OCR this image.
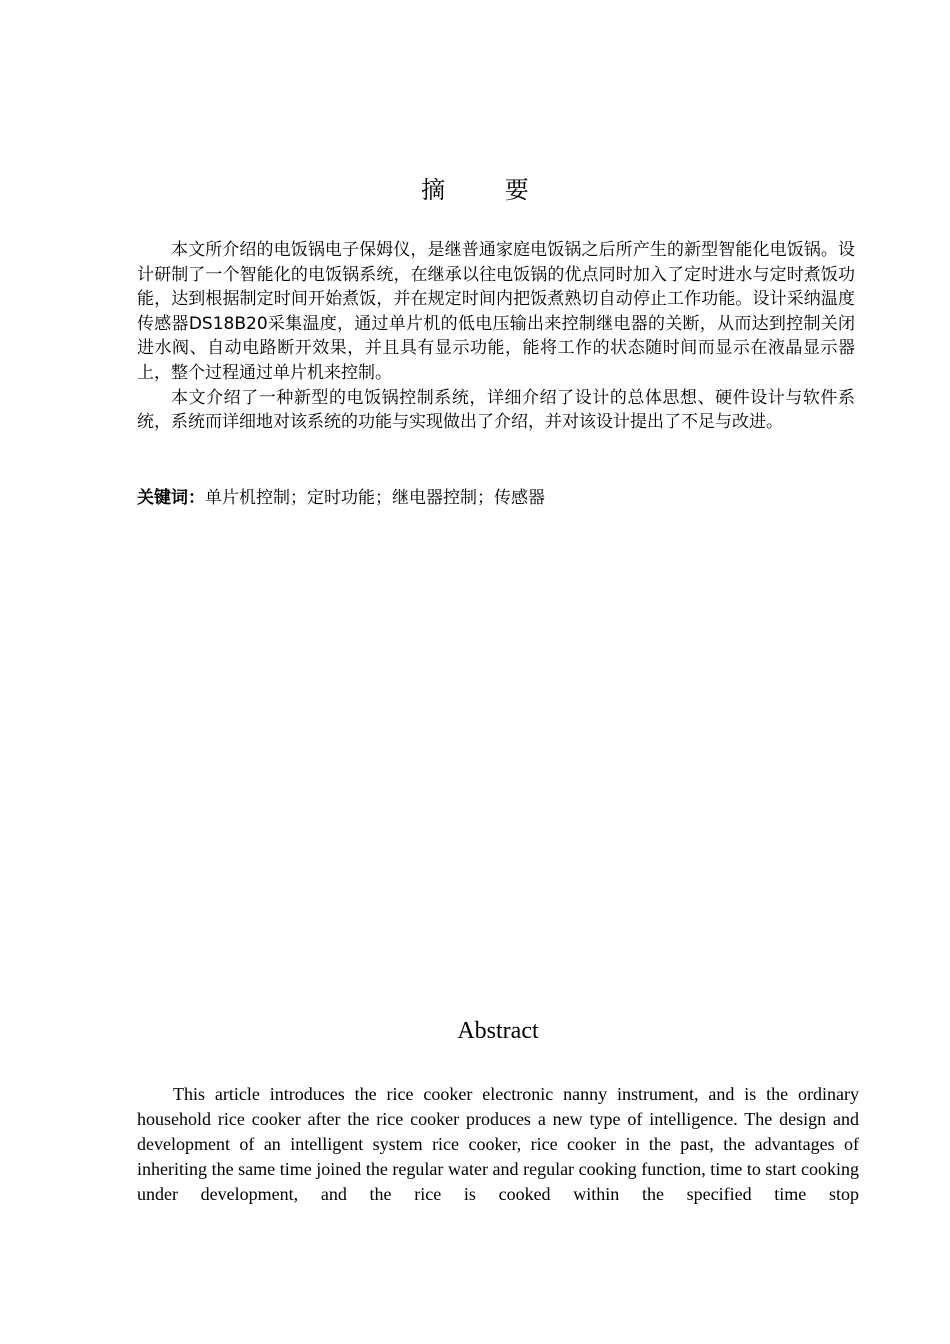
摘 要

本文所介绍的电饭锅电子保姆仪，是继普通家庭电饭锅之后所产生的新型智能化电饭锅。设计研制了一个智能化的电饭锅系统，在继承以往电饭锅的优点同时加入了定时进水与定时煮饭功能，达到根据制定时间开始煮饭，并在规定时间内把饭煮熟切自动停止工作功能。设计采纳温度传感器DS18B20采集温度，通过单片机的低电压输出来控制继电器的关断，从而达到控制关闭进水阀、自动电路断开效果，并且具有显示功能，能将工作的状态随时间而显示在液晶显示器上，整个过程通过单片机来控制。

本文介绍了一种新型的电饭锅控制系统，详细介绍了设计的总体思想、硬件设计与软件系统，系统而详细地对该系统的功能与实现做出了介绍，并对该设计提出了不足与改进。

关键词：单片机控制；定时功能；继电器控制；传感器
Abstract

This article introduces the rice cooker electronic nanny instrument, and is the ordinary household rice cooker after the rice cooker produces a new type of intelligence. The design and development of an intelligent system rice cooker, rice cooker in the past, the advantages of inheriting the same time joined the regular water and regular cooking function, time to start cooking under development, and the rice is cooked within the specified time stop
